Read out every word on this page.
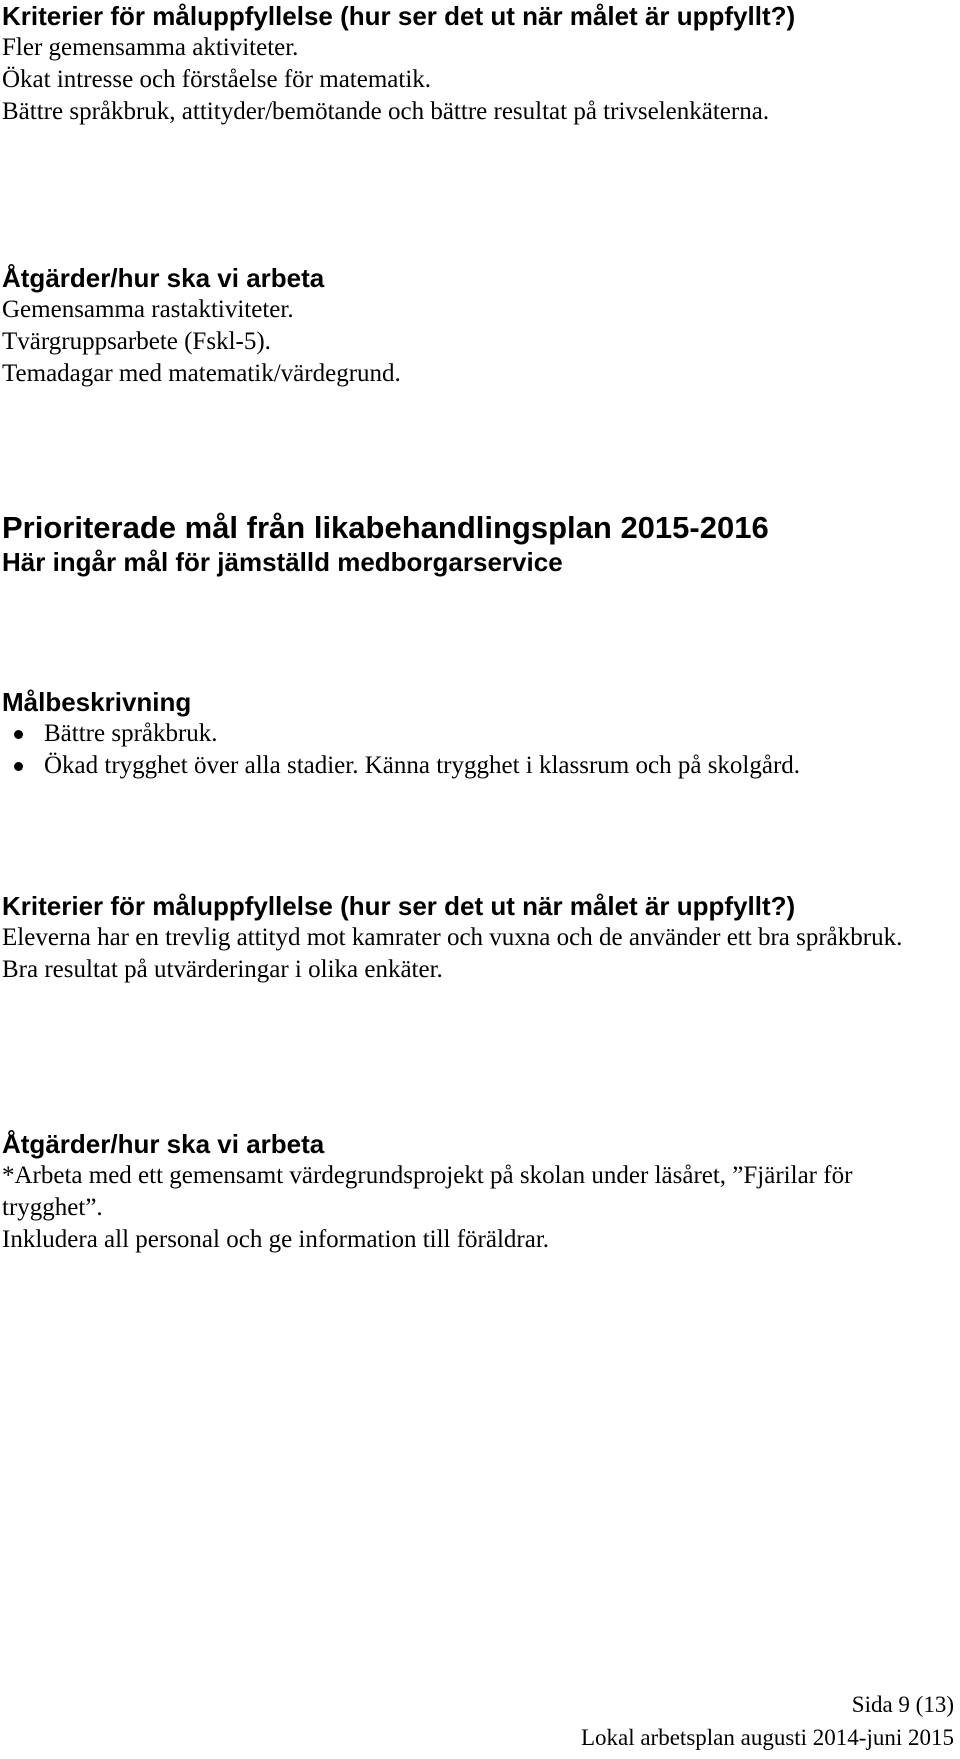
Kriterier för måluppfyllelse (hur ser det ut när målet är uppfyllt?)
Fler gemensamma aktiviteter.
Ökat intresse och förståelse för matematik.
Bättre språkbruk, attityder/bemötande och bättre resultat på trivselenkäterna.
Åtgärder/hur ska vi arbeta
Gemensamma rastaktiviteter.
Tvärgruppsarbete (Fskl-5).
Temadagar med matematik/värdegrund.
Prioriterade mål från likabehandlingsplan 2015-2016
Här ingår mål för jämställd medborgarservice
Målbeskrivning
Bättre språkbruk.
Ökad trygghet över alla stadier. Känna trygghet i klassrum och på skolgård.
Kriterier för måluppfyllelse (hur ser det ut när målet är uppfyllt?)
Eleverna har en trevlig attityd mot kamrater och vuxna och de använder ett bra språkbruk.
Bra resultat på utvärderingar i olika enkäter.
Åtgärder/hur ska vi arbeta
*Arbeta med ett gemensamt värdegrundsprojekt på skolan under läsåret, ”Fjärilar för trygghet”.
Inkludera all personal och ge information till föräldrar.
Sida 9 (13)
Lokal arbetsplan augusti 2014-juni 2015
